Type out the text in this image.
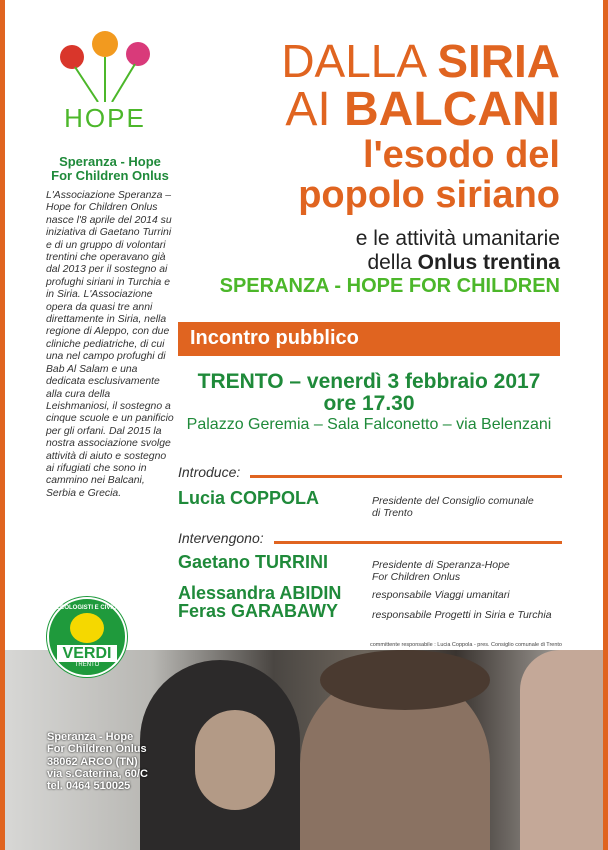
HOPE
Speranza - Hope
For Children Onlus
L'Associazione Speranza – Hope for Children Onlus nasce l'8 aprile del 2014 su iniziativa di Gaetano Turrini e di un gruppo di volontari trentini che operavano già dal 2013 per il sostegno ai profughi siriani in Turchia e in Siria. L'Associazione opera da quasi tre anni direttamente in Siria, nella regione di Aleppo, con due cliniche pediatriche, di cui una nel campo profughi di Bab Al Salam e una dedicata esclusivamente alla cura della Leishmaniosi, il sostegno a cinque scuole e un panificio per gli orfani. Dal 2015 la nostra associazione svolge attività di aiuto e sostegno ai rifugiati che sono in cammino nei Balcani, Serbia e Grecia.
DALLA SIRIA
AI BALCANI
l'esodo del
popolo siriano
e le attività umanitarie
della Onlus trentina
SPERANZA - HOPE FOR CHILDREN
Incontro pubblico
TRENTO – venerdì 3 febbraio 2017
ore 17.30
Palazzo Geremia – Sala Falconetto – via Belenzani
Introduce:
Lucia COPPOLA	Presidente del Consiglio comunale
di Trento
Intervengono:
Gaetano TURRINI	Presidente di Speranza-Hope
For Children Onlus
Alessandra ABIDIN	responsabile Viaggi umanitari
Feras GARABAWY	responsabile Progetti in Siria e Turchia
committente responsabile : Lucia Coppola - pres. Consiglio comunale di Trento
ECOLOGISTI E CIVICI
VERDI
TRENTO
Speranza - Hope
For Children Onlus
38062 ARCO (TN)
via s.Caterina, 60/C
tel. 0464 510025
